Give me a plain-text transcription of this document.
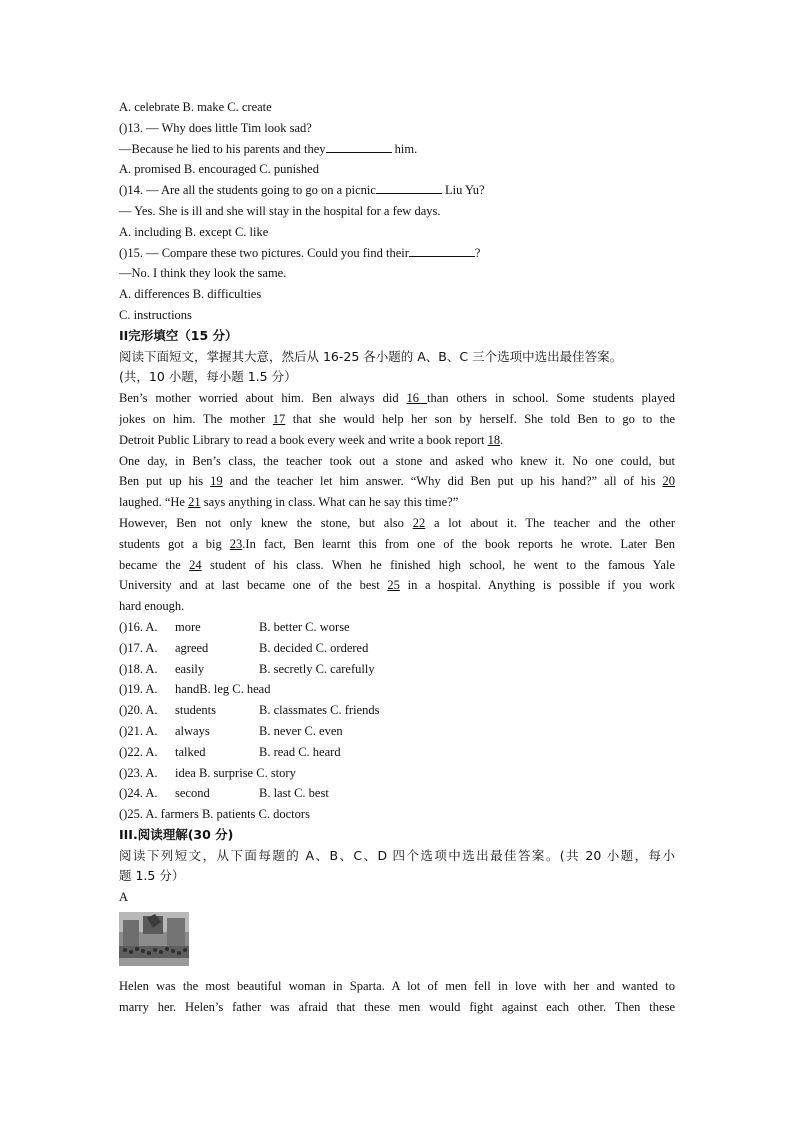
A. celebrate B. make C. create
()13. — Why does little Tim look sad?
—Because he lied to his parents and they	him.
A. promised B. encouraged C. punished
()14. — Are all the students going to go on a picnic	Liu Yu?
— Yes. She is ill and she will stay in the hospital for a few days.
A. including B. except C. like
()15. — Compare these two pictures. Could you find their	?
—No. I think they look the same.
A. differences B. difficulties
C. instructions
II完形填空（15 分）
阅读下面短文，掌握其大意，然后从 16-25 各小题的 A、B、C 三个选项中选出最佳答案。
(共，10 小题，每小题 1.5 分）
Ben’s mother worried about him. Ben always did 16 than others in school. Some students played
jokes on him. The mother 17 that she would help her son by herself. She told Ben to go to the
Detroit Public Library to read a book every week and write a book report 18.
One day, in Ben’s class, the teacher took out a stone and asked who knew it. No one could, but
Ben put up his 19 and the teacher let him answer. “Why did Ben put up his hand?” all of his 20
laughed. “He 21 says anything in class. What can he say this time?”
However, Ben not only knew the stone, but also 22 a lot about it. The teacher and the other
students got a big 23.In fact, Ben learnt this from one of the book reports he wrote. Later Ben
became the 24 student of his class. When he finished high school, he went to the famous Yale
University and at last became one of the best 25 in a hospital. Anything is possible if you work
hard enough.
()16. A. more	B. better C. worse
()17. A. agreed	B. decided C. ordered
()18. A. easily	B. secretly C. carefully
()19. A. handB. leg C. head
()20. A. students	B. classmates C. friends
()21. A. always	B. never C. even
()22. A. talked	B. read C. heard
()23. A. idea B. surprise C. story
()24. A. second	B. last C. best
()25. A. farmers B. patients C. doctors
III.阅读理解(30 分)
阅读下列短文，从下面每题的 A、B、C、D 四个选项中选出最佳答案。(共 20 小题，每小
题 1.5 分）
A
Helen was the most beautiful woman in Sparta. A lot of men fell in love with her and wanted to
marry her. Helen’s father was afraid that these men would fight against each other. Then these
